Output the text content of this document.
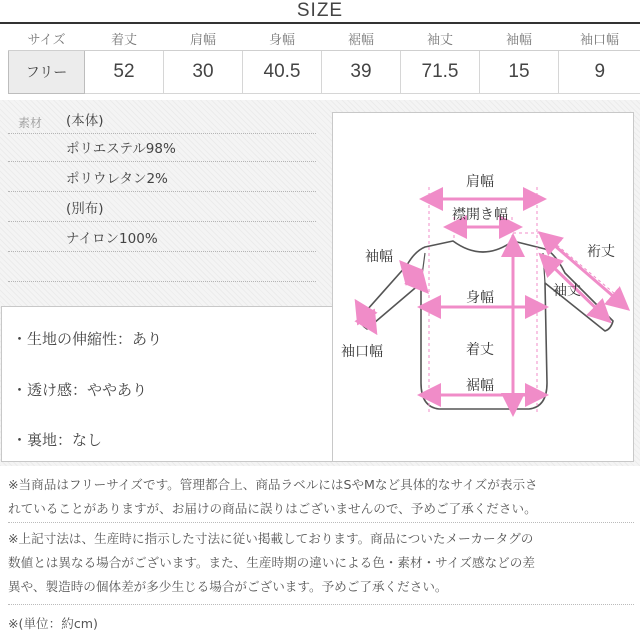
SIZE
サイズ	着丈	肩幅	身幅	裾幅	袖丈	袖幅	袖口幅
フリー	52	30	40.5	39	71.5	15	9
素材 (本体)
ポリエステル98%
ポリウレタン2%
(別布)
ナイロン100%
・生地の伸縮性：あり
・透け感：ややあり
・裏地：なし
肩幅
襟開き幅
裄丈
袖幅
袖丈
身幅
袖口幅	着丈
裾幅
※当商品はフリーサイズです。管理都合上、商品ラベルにはSやMなど具体的なサイズが表示さ
れていることがありますが、お届けの商品に誤りはございませんので、予めご了承ください。
※上記寸法は、生産時に指示した寸法に従い掲載しております。商品についたメーカータグの
数値とは異なる場合がございます。また、生産時期の違いによる色・素材・サイズ感などの差
異や、製造時の個体差が多少生じる場合がございます。予めご了承ください。
※(単位：約cm)
